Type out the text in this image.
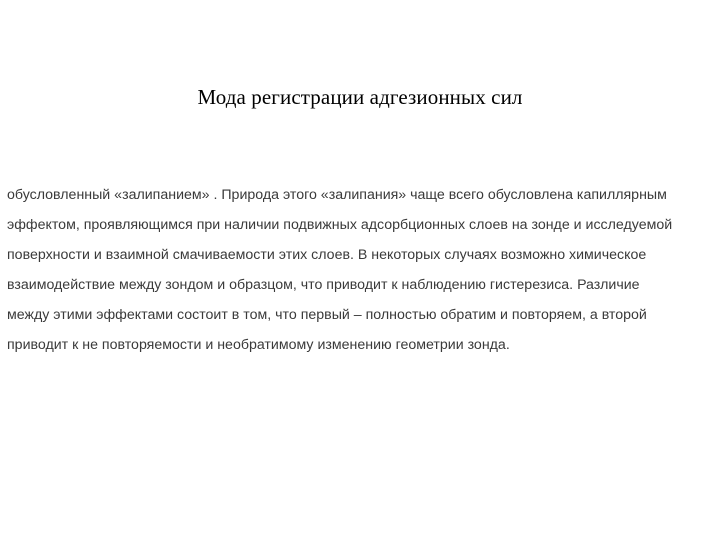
Мода регистрации адгезионных сил
обусловленный «залипанием» . Природа этого «залипания» чаще всего обусловлена капиллярным
эффектом, проявляющимся при наличии подвижных адсорбционных слоев на зонде и исследуемой
поверхности и взаимной смачиваемости этих слоев. В некоторых случаях возможно химическое
взаимодействие между зондом и образцом, что приводит к наблюдению гистерезиса. Различие
между этими эффектами состоит в том, что первый – полностью обратим и повторяем, а второй
приводит к не повторяемости и необратимому изменению геометрии зонда.
